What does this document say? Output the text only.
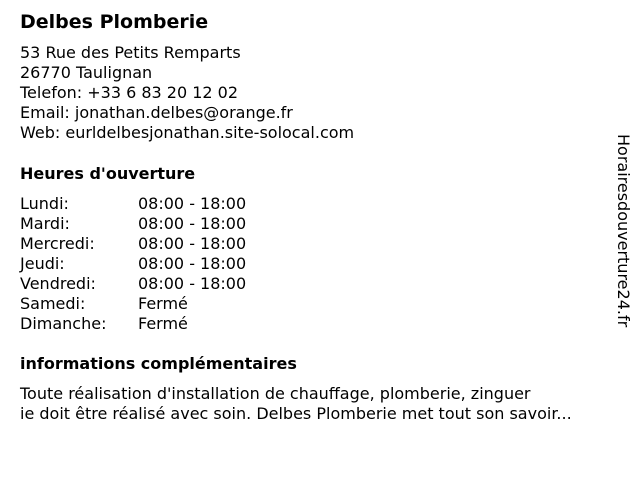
Delbes Plomberie
53 Rue des Petits Remparts
26770 Taulignan
Telefon: +33 6 83 20 12 02
Email: jonathan.delbes@orange.fr
Web: eurldelbesjonathan.site-solocal.com
Heures d'ouverture
Lundi:	08:00 - 18:00
Mardi:	08:00 - 18:00
Mercredi:	08:00 - 18:00
Jeudi:	08:00 - 18:00
Vendredi:	08:00 - 18:00
Samedi:	Fermé
Dimanche: Fermé
informations complémentaires
Toute réalisation d'installation de chauffage, plomberie, zinguer
ie doit être réalisé avec soin. Delbes Plomberie met tout son savoir...
Horairesdouverture24.fr
